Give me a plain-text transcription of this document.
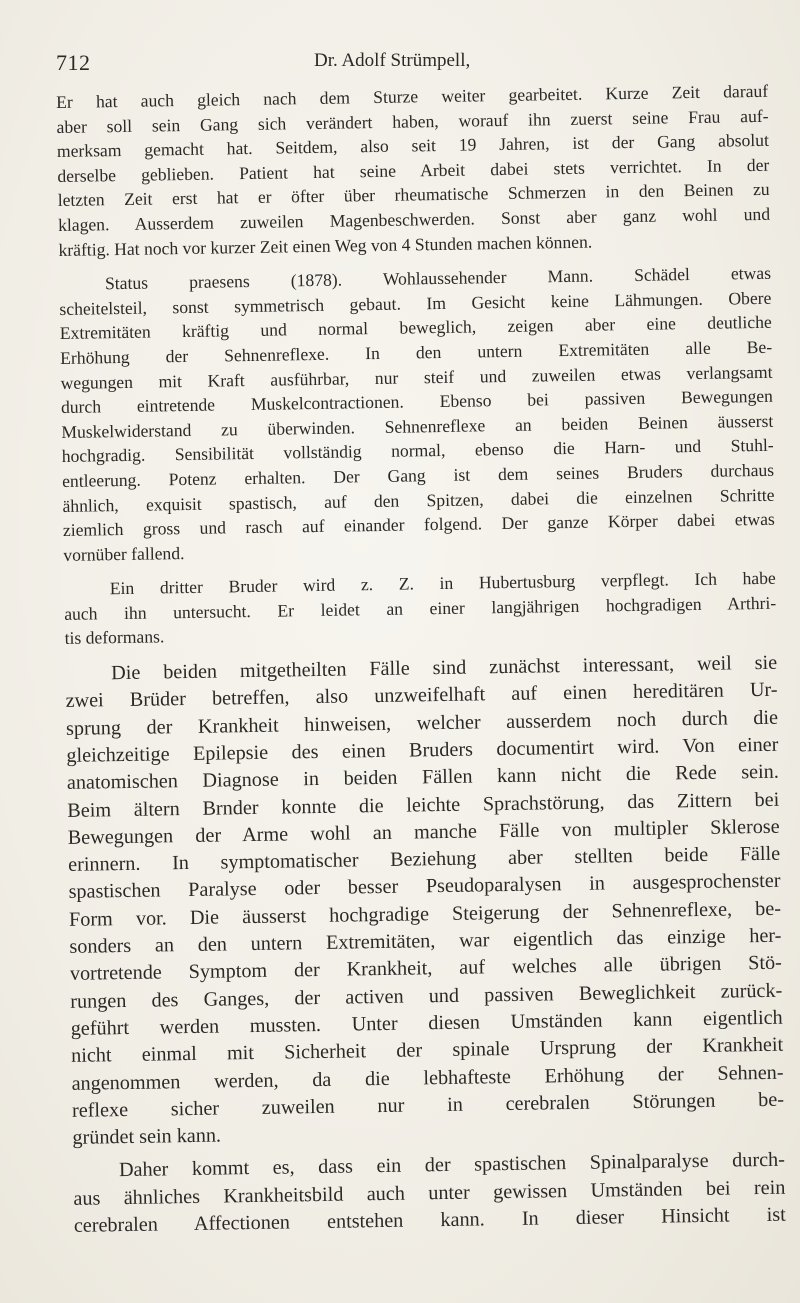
712	Dr. Adolf Strümpell,
Er hat auch gleich nach dem Sturze weiter gearbeitet. Kurze Zeit darauf
aber soll sein Gang sich verändert haben, worauf ihn zuerst seine Frau auf-
merksam gemacht hat. Seitdem, also seit 19 Jahren, ist der Gang absolut
derselbe geblieben. Patient hat seine Arbeit dabei stets verrichtet. In der
letzten Zeit erst hat er öfter über rheumatische Schmerzen in den Beinen zu
klagen. Ausserdem zuweilen Magenbeschwerden. Sonst aber ganz wohl und
kräftig. Hat noch vor kurzer Zeit einen Weg von 4 Stunden machen können.
Status praesens (1878). Wohlaussehender Mann. Schädel etwas
scheitelsteil, sonst symmetrisch gebaut. Im Gesicht keine Lähmungen. Obere
Extremitäten kräftig und normal beweglich, zeigen aber eine deutliche
Erhöhung der Sehnenreflexe. In den untern Extremitäten alle Be-
wegungen mit Kraft ausführbar, nur steif und zuweilen etwas verlangsamt
durch eintretende Muskelcontractionen. Ebenso bei passiven Bewegungen
Muskelwiderstand zu überwinden. Sehnenreflexe an beiden Beinen äusserst
hochgradig. Sensibilität vollständig normal, ebenso die Harn- und Stuhl-
entleerung. Potenz erhalten. Der Gang ist dem seines Bruders durchaus
ähnlich, exquisit spastisch, auf den Spitzen, dabei die einzelnen Schritte
ziemlich gross und rasch auf einander folgend. Der ganze Körper dabei etwas
vornüber fallend.
Ein dritter Bruder wird z. Z. in Hubertusburg verpflegt. Ich habe
auch ihn untersucht. Er leidet an einer langjährigen hochgradigen Arthri-
tis deformans.
Die beiden mitgetheilten Fälle sind zunächst interessant, weil sie
zwei Brüder betreffen, also unzweifelhaft auf einen hereditären Ur-
sprung der Krankheit hinweisen, welcher ausserdem noch durch die
gleichzeitige Epilepsie des einen Bruders documentirt wird. Von einer
anatomischen Diagnose in beiden Fällen kann nicht die Rede sein.
Beim ältern Brnder konnte die leichte Sprachstörung, das Zittern bei
Bewegungen der Arme wohl an manche Fälle von multipler Sklerose
erinnern. In symptomatischer Beziehung aber stellten beide Fälle
spastischen Paralyse oder besser Pseudoparalysen in ausgesprochenster
Form vor. Die äusserst hochgradige Steigerung der Sehnenreflexe, be-
sonders an den untern Extremitäten, war eigentlich das einzige her-
vortretende Symptom der Krankheit, auf welches alle übrigen Stö-
rungen des Ganges, der activen und passiven Beweglichkeit zurück-
geführt werden mussten. Unter diesen Umständen kann eigentlich
nicht einmal mit Sicherheit der spinale Ursprung der Krankheit
angenommen werden, da die lebhafteste Erhöhung der Sehnen-
reflexe sicher zuweilen nur in cerebralen Störungen be-
gründet sein kann.
Daher kommt es, dass ein der spastischen Spinalparalyse durch-
aus ähnliches Krankheitsbild auch unter gewissen Umständen bei rein
cerebralen Affectionen entstehen kann. In dieser Hinsicht ist
